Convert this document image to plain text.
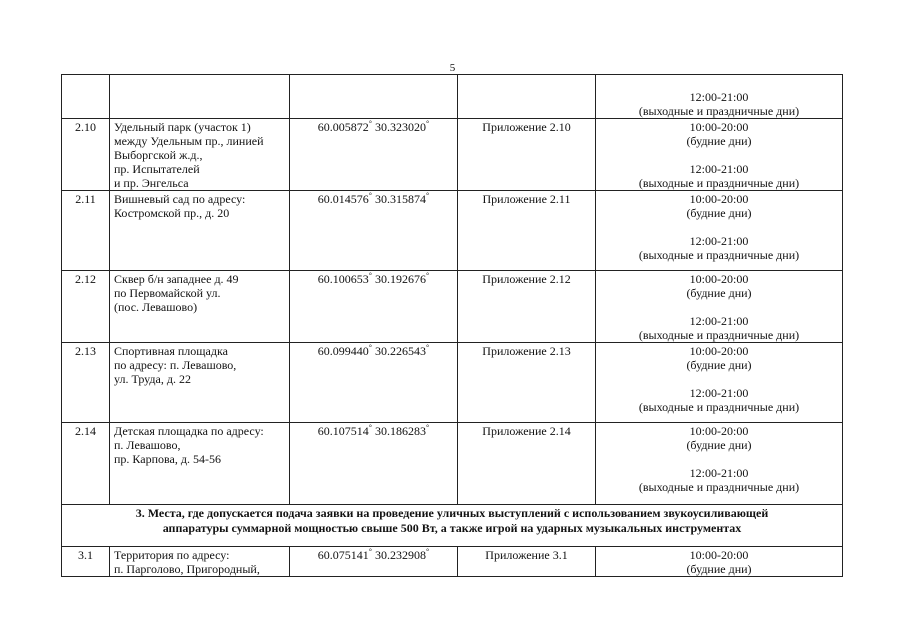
5

				12:00-21:00
(выходные и праздничные дни)

2.10	Удельный парк (участок 1)
между Удельным пр., линией
Выборгской ж.д.,
пр. Испытателей
и пр. Энгельса	60.005872° 30.323020°	Приложение 2.10	10:00-20:00
(будние дни)
12:00-21:00
(выходные и праздничные дни)

2.11	Вишневый сад по адресу:
Костромской пр., д. 20	60.014576° 30.315874°	Приложение 2.11	10:00-20:00
(будние дни)
12:00-21:00
(выходные и праздничные дни)

2.12	Сквер б/н западнее д. 49
по Первомайской ул.
(пос. Левашово)	60.100653° 30.192676°	Приложение 2.12	10:00-20:00
(будние дни)
12:00-21:00
(выходные и праздничные дни)

2.13	Спортивная площадка
по адресу: п. Левашово,
ул. Труда, д. 22	60.099440° 30.226543°	Приложение 2.13	10:00-20:00
(будние дни)
12:00-21:00
(выходные и праздничные дни)

2.14	Детская площадка по адресу:
п. Левашово,
пр. Карпова, д. 54-56	60.107514° 30.186283°	Приложение 2.14	10:00-20:00
(будние дни)
12:00-21:00
(выходные и праздничные дни)

3. Места, где допускается подача заявки на проведение уличных выступлений с использованием звукоусиливающей
аппаратуры суммарной мощностью свыше 500 Вт, а также игрой на ударных музыкальных инструментах				

3.1	Территория по адресу:
п. Парголово, Пригородный,	60.075141° 30.232908°	Приложение 3.1	10:00-20:00
(будние дни)
